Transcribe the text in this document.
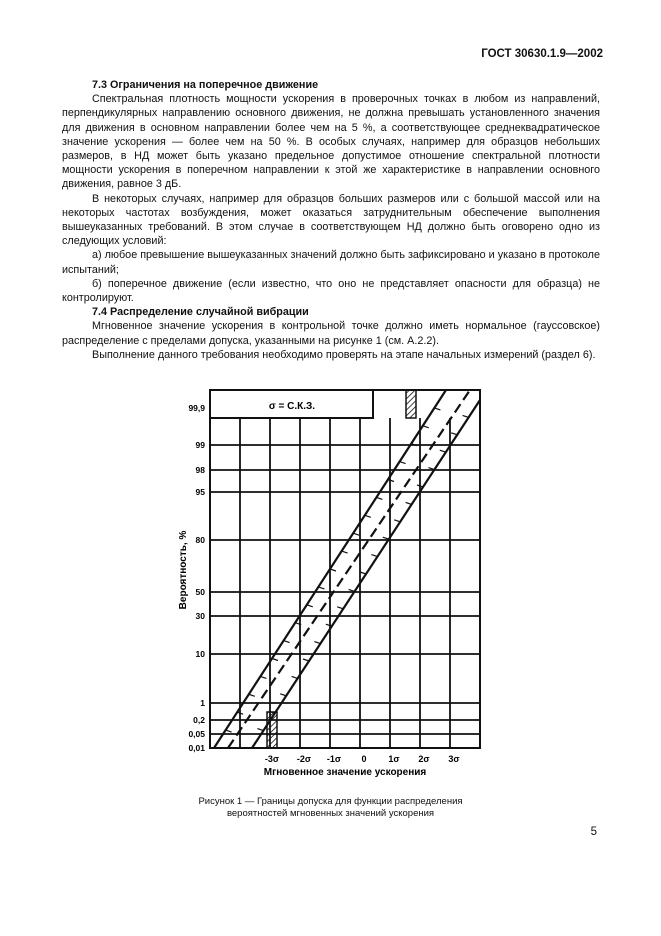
ГОСТ 30630.1.9—2002
7.3 Ограничения на поперечное движение

Спектральная плотность мощности ускорения в проверочных точках в любом из направлений, перпендикулярных направлению основного движения, не должна превышать установленного значения для движения в основном направлении более чем на 5 %, а соответствующее среднеквадратическое значение ускорения — более чем на 50 %. В особых случаях, например для образцов небольших размеров, в НД может быть указано предельное допустимое отношение спектральной плотности мощности ускорения в поперечном направлении к этой же характеристике в направлении основного движения, равное 3 дБ.

В некоторых случаях, например для образцов больших размеров или с большой массой или на некоторых частотах возбуждения, может оказаться затруднительным обеспечение выполнения вышеуказанных требований. В этом случае в соответствующем НД должно быть оговорено одно из следующих условий:

а) любое превышение вышеуказанных значений должно быть зафиксировано и указано в протоколе испытаний;

б) поперечное движение (если известно, что оно не представляет опасности для образца) не контролируют.

7.4 Распределение случайной вибрации

Мгновенное значение ускорения в контрольной точке должно иметь нормальное (гауссовское) распределение с пределами допуска, указанными на рисунке 1 (см. А.2.2).

Выполнение данного требования необходимо проверять на этапе начальных измерений (раздел 6).

σ = С.К.З.
99,9
99
98
95
80
50
30
10
1
0,2
0,05
0,01
-3σ -2σ -1σ 0 1σ 2σ 3σ
Вероятность, %
Мгновенное значение ускорения
Рисунок 1 — Границы допуска для функции распределения
вероятностей мгновенных значений ускорения
5
